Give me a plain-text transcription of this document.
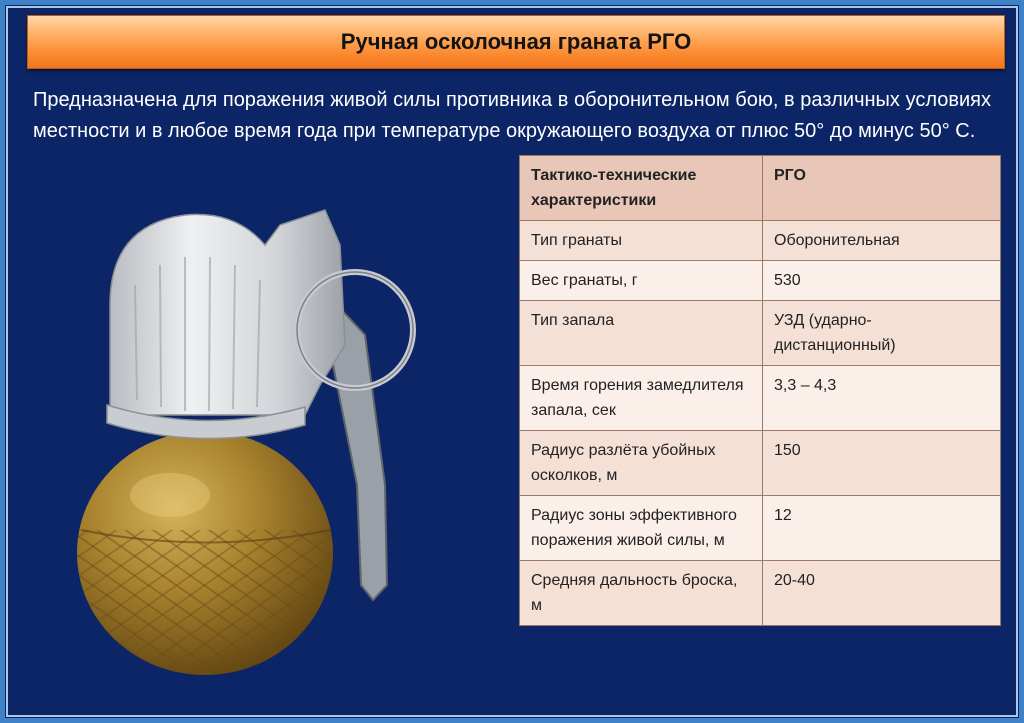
Ручная осколочная граната РГО

Предназначена для поражения живой силы противника в оборонительном бою, в различных условиях местности и в любое время года при температуре окружающего воздуха от плюс 50° до минус 50° С.

Тактико-технические характеристики	РГО
Тип гранаты	Оборонительная
Вес гранаты, г	530
Тип запала	УЗД (ударно-дистанционный)
Время горения замедлителя запала, сек	3,3 – 4,3
Радиус разлёта убойных осколков, м	150
Радиус зоны эффективного поражения живой силы, м	12
Средняя дальность броска, м	20-40
